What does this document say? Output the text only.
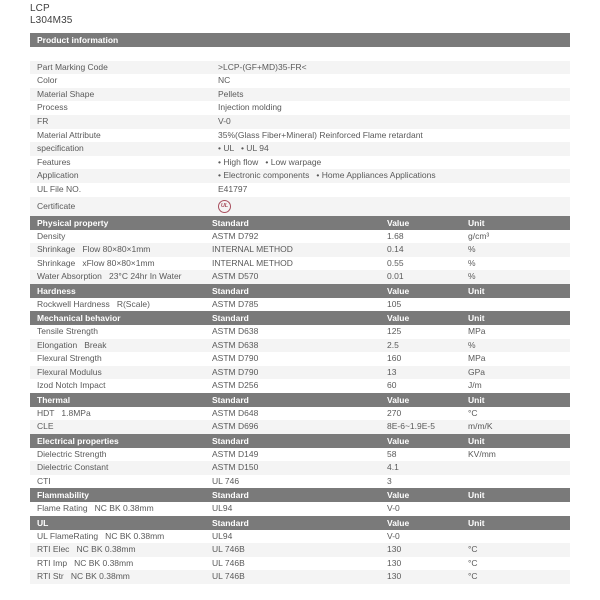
LCP
L304M35
Product information
Part Marking Code	>LCP-(GF+MD)35-FR<
Color	NC
Material Shape	Pellets
Process	Injection molding
FR	V-0
Material Attribute	35%(Glass Fiber+Mineral) Reinforced Flame retardant
specification	• UL   • UL 94
Features	• High flow   • Low warpage
Application	• Electronic components   • Home Appliances Applications
UL File NO.	E41797
Certificate	UL
Physical property	Standard	Value	Unit
Density	ASTM D792	1.68	g/cm³
Shrinkage   Flow 80×80×1mm	INTERNAL METHOD	0.14	%
Shrinkage   xFlow 80×80×1mm	INTERNAL METHOD	0.55	%
Water Absorption   23°C 24hr In Water	ASTM D570	0.01	%
Hardness	Standard	Value	Unit
Rockwell Hardness   R(Scale)	ASTM D785	105
Mechanical behavior	Standard	Value	Unit
Tensile Strength	ASTM D638	125	MPa
Elongation   Break	ASTM D638	2.5	%
Flexural Strength	ASTM D790	160	MPa
Flexural Modulus	ASTM D790	13	GPa
Izod Notch Impact	ASTM D256	60	J/m
Thermal	Standard	Value	Unit
HDT   1.8MPa	ASTM D648	270	°C
CLE	ASTM D696	8E-6~1.9E-5	m/m/K
Electrical properties	Standard	Value	Unit
Dielectric Strength	ASTM D149	58	KV/mm
Dielectric Constant	ASTM D150	4.1
CTI	UL 746	3
Flammability	Standard	Value	Unit
Flame Rating   NC BK 0.38mm	UL94	V-0
UL	Standard	Value	Unit
UL FlameRating   NC BK 0.38mm	UL94	V-0
RTI Elec   NC BK 0.38mm	UL 746B	130	°C
RTI Imp   NC BK 0.38mm	UL 746B	130	°C
RTI Str   NC BK 0.38mm	UL 746B	130	°C
